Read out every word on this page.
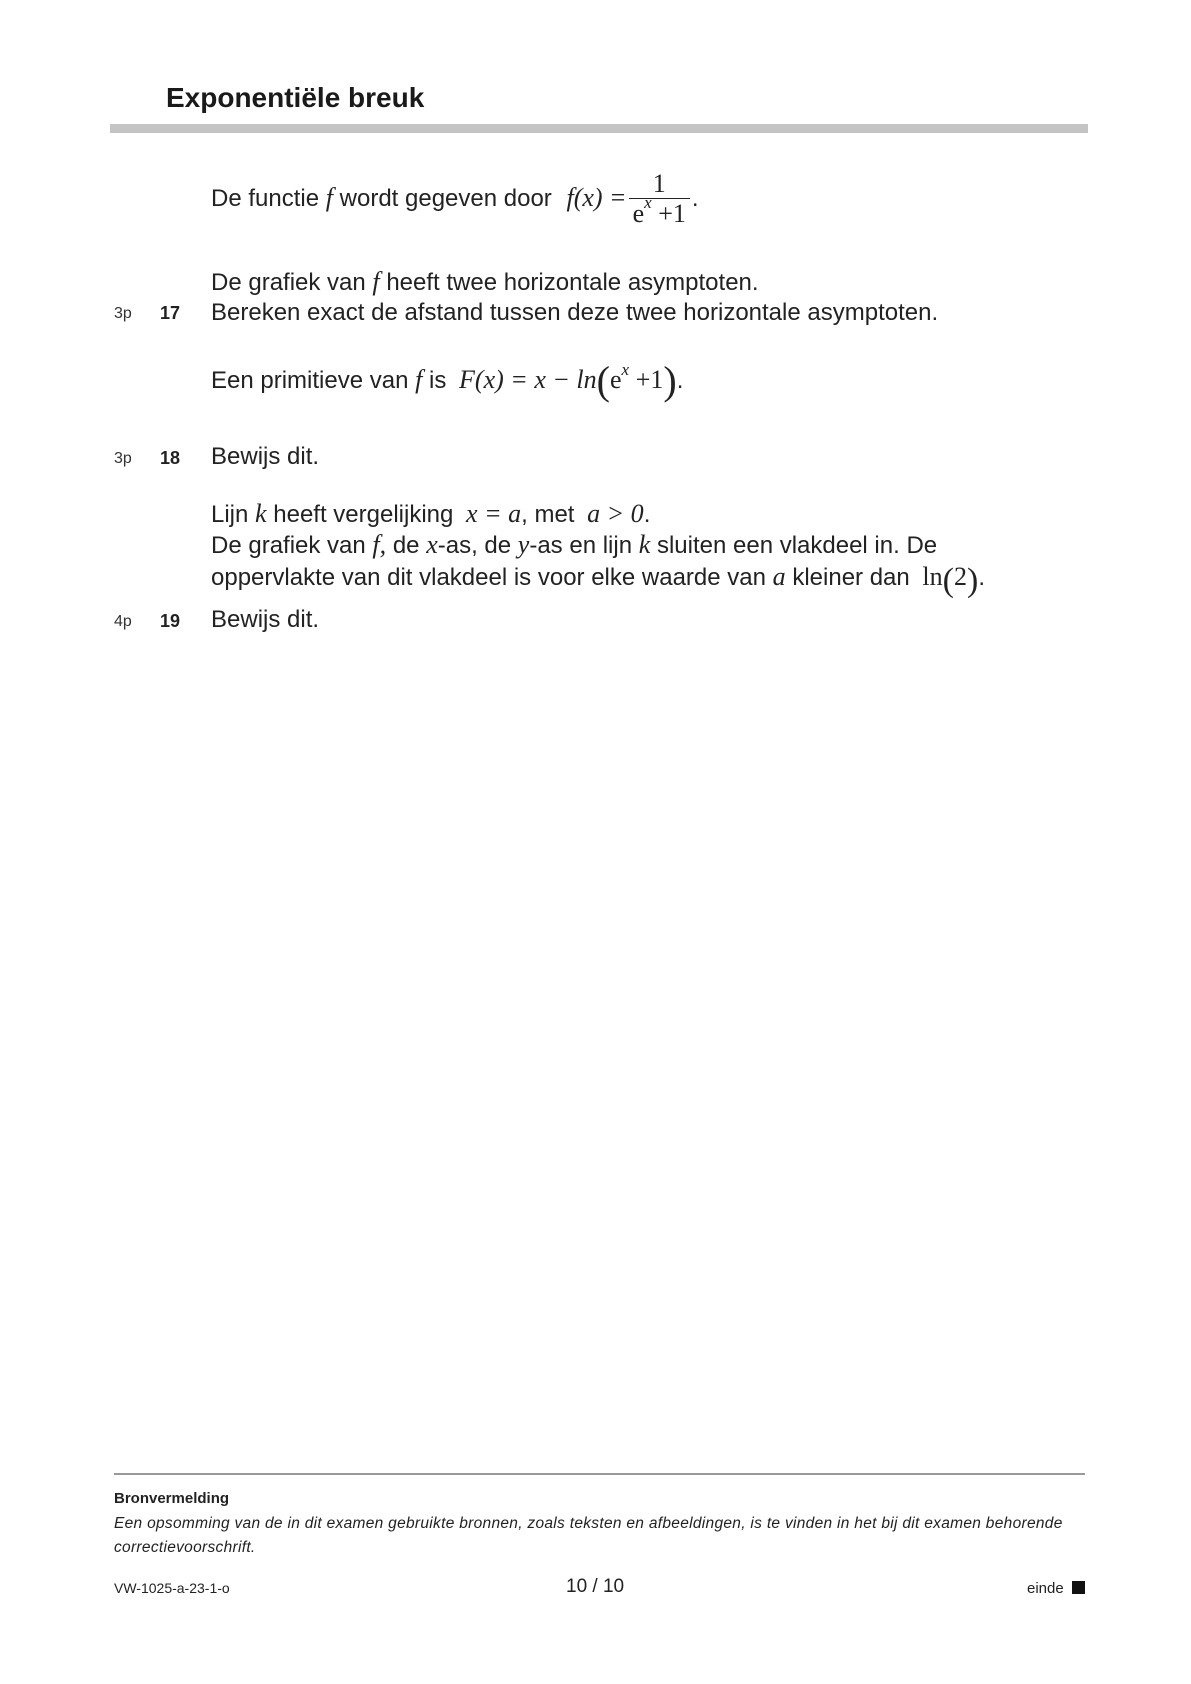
Exponentiële breuk
De functie f wordt gegeven door $f(x) = \frac{1}{e^x +1}$ .
De grafiek van f heeft twee horizontale asymptoten.
3p 17 Bereken exact de afstand tussen deze twee horizontale asymptoten.
Een primitieve van f is $F(x) = x - \ln(e^x +1)$.
3p 18 Bewijs dit.
Lijn k heeft vergelijking x = a, met a > 0.
De grafiek van f, de x-as, de y-as en lijn k sluiten een vlakdeel in. De
oppervlakte van dit vlakdeel is voor elke waarde van a kleiner dan ln(2).
4p 19 Bewijs dit.
Bronvermelding
Een opsomming van de in dit examen gebruikte bronnen, zoals teksten en afbeeldingen, is te vinden in het bij dit examen behorende correctievoorschrift.
VW-1025-a-23-1-o	10 / 10	einde
